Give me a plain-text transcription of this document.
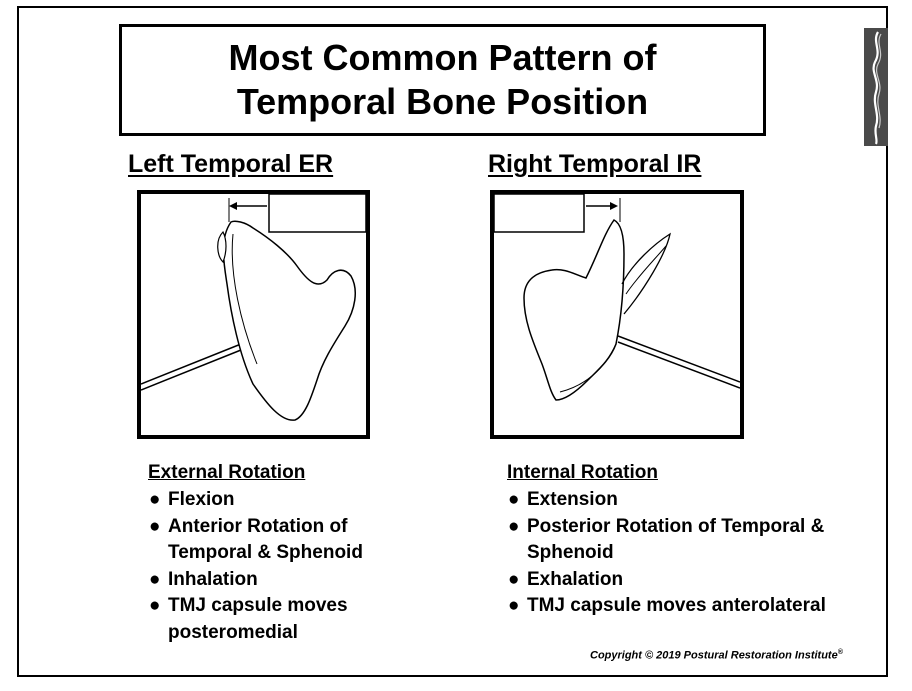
Most Common Pattern of
Temporal Bone Position
Left Temporal ER
External Rotation
● Flexion
● Anterior Rotation of Temporal & Sphenoid
● Inhalation
● TMJ capsule moves posteromedial
Right Temporal IR
Internal Rotation
● Extension
● Posterior Rotation of Temporal & Sphenoid
● Exhalation
● TMJ capsule moves anterolateral
Copyright © 2019 Postural Restoration Institute®
